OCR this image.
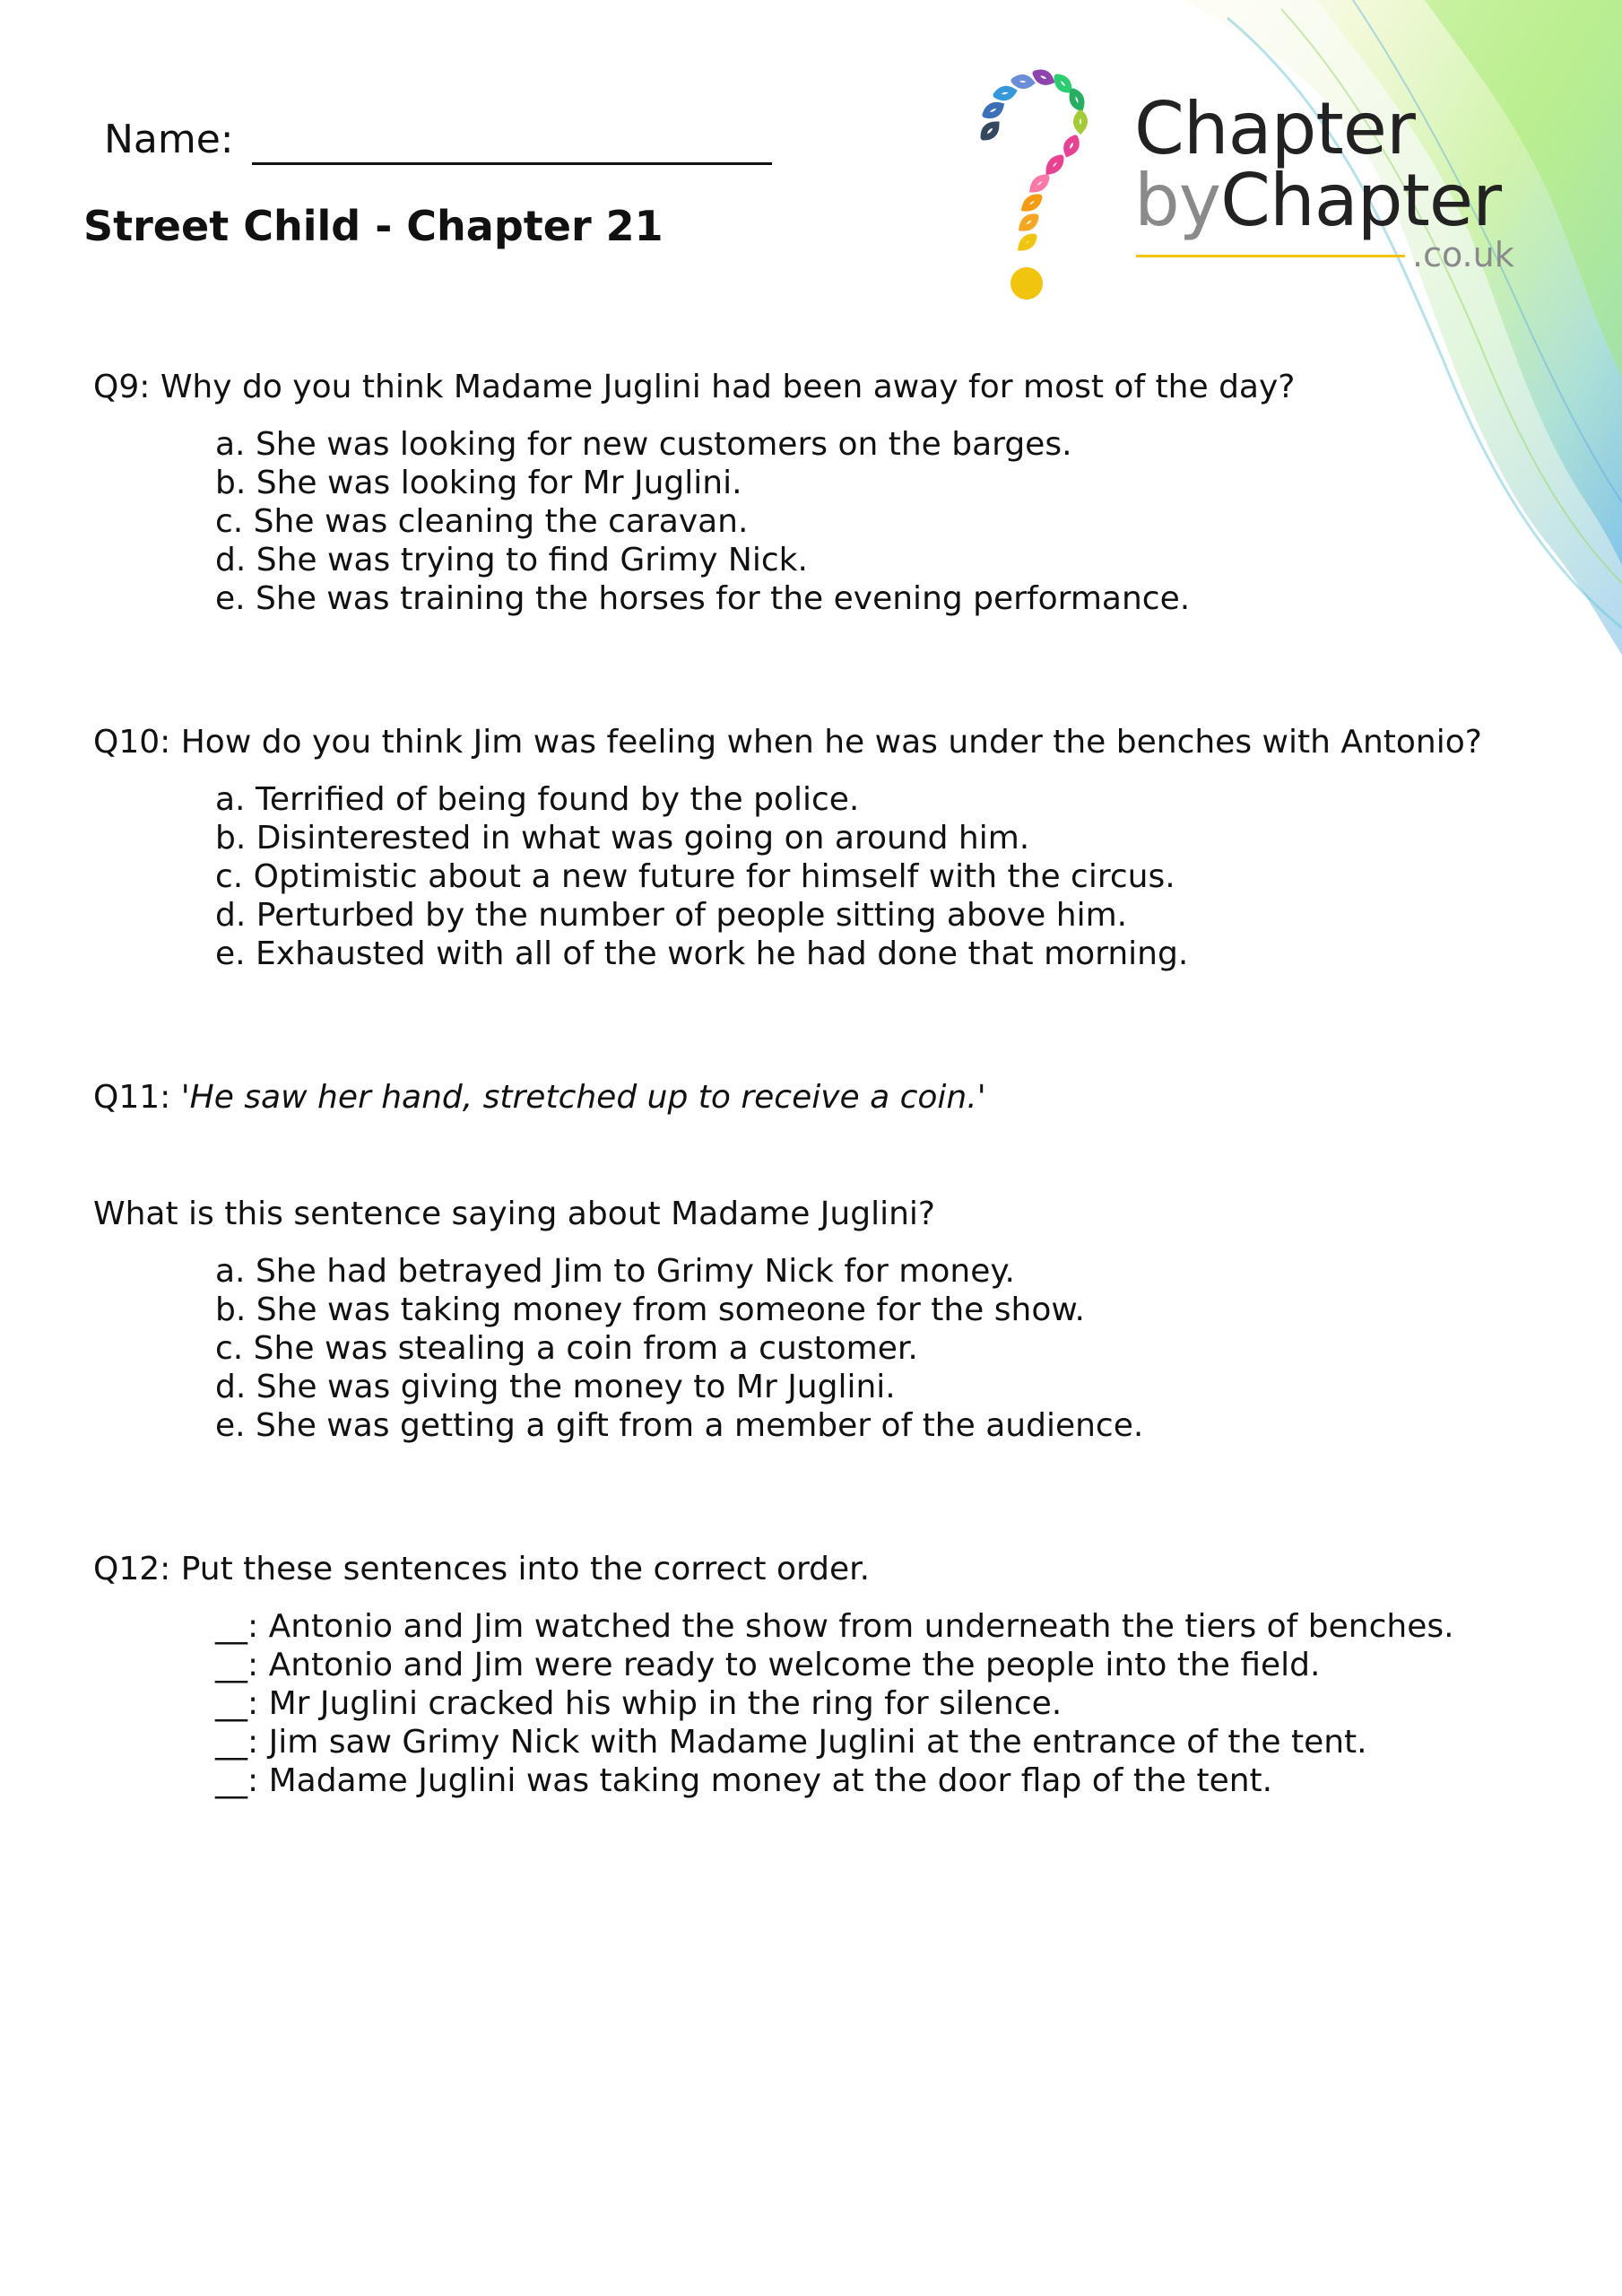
Name:
Street Child - Chapter 21
Chapter
byChapter
.co.uk
Q9: Why do you think Madame Juglini had been away for most of the day?
a. She was looking for new customers on the barges.
b. She was looking for Mr Juglini.
c. She was cleaning the caravan.
d. She was trying to find Grimy Nick.
e. She was training the horses for the evening performance.
Q10: How do you think Jim was feeling when he was under the benches with Antonio?
a. Terrified of being found by the police.
b. Disinterested in what was going on around him.
c. Optimistic about a new future for himself with the circus.
d. Perturbed by the number of people sitting above him.
e. Exhausted with all of the work he had done that morning.
Q11: 'He saw her hand, stretched up to receive a coin.'
What is this sentence saying about Madame Juglini?
a. She had betrayed Jim to Grimy Nick for money.
b. She was taking money from someone for the show.
c. She was stealing a coin from a customer.
d. She was giving the money to Mr Juglini.
e. She was getting a gift from a member of the audience.
Q12: Put these sentences into the correct order.
__: Antonio and Jim watched the show from underneath the tiers of benches.
__: Antonio and Jim were ready to welcome the people into the field.
__: Mr Juglini cracked his whip in the ring for silence.
__: Jim saw Grimy Nick with Madame Juglini at the entrance of the tent.
__: Madame Juglini was taking money at the door flap of the tent.
